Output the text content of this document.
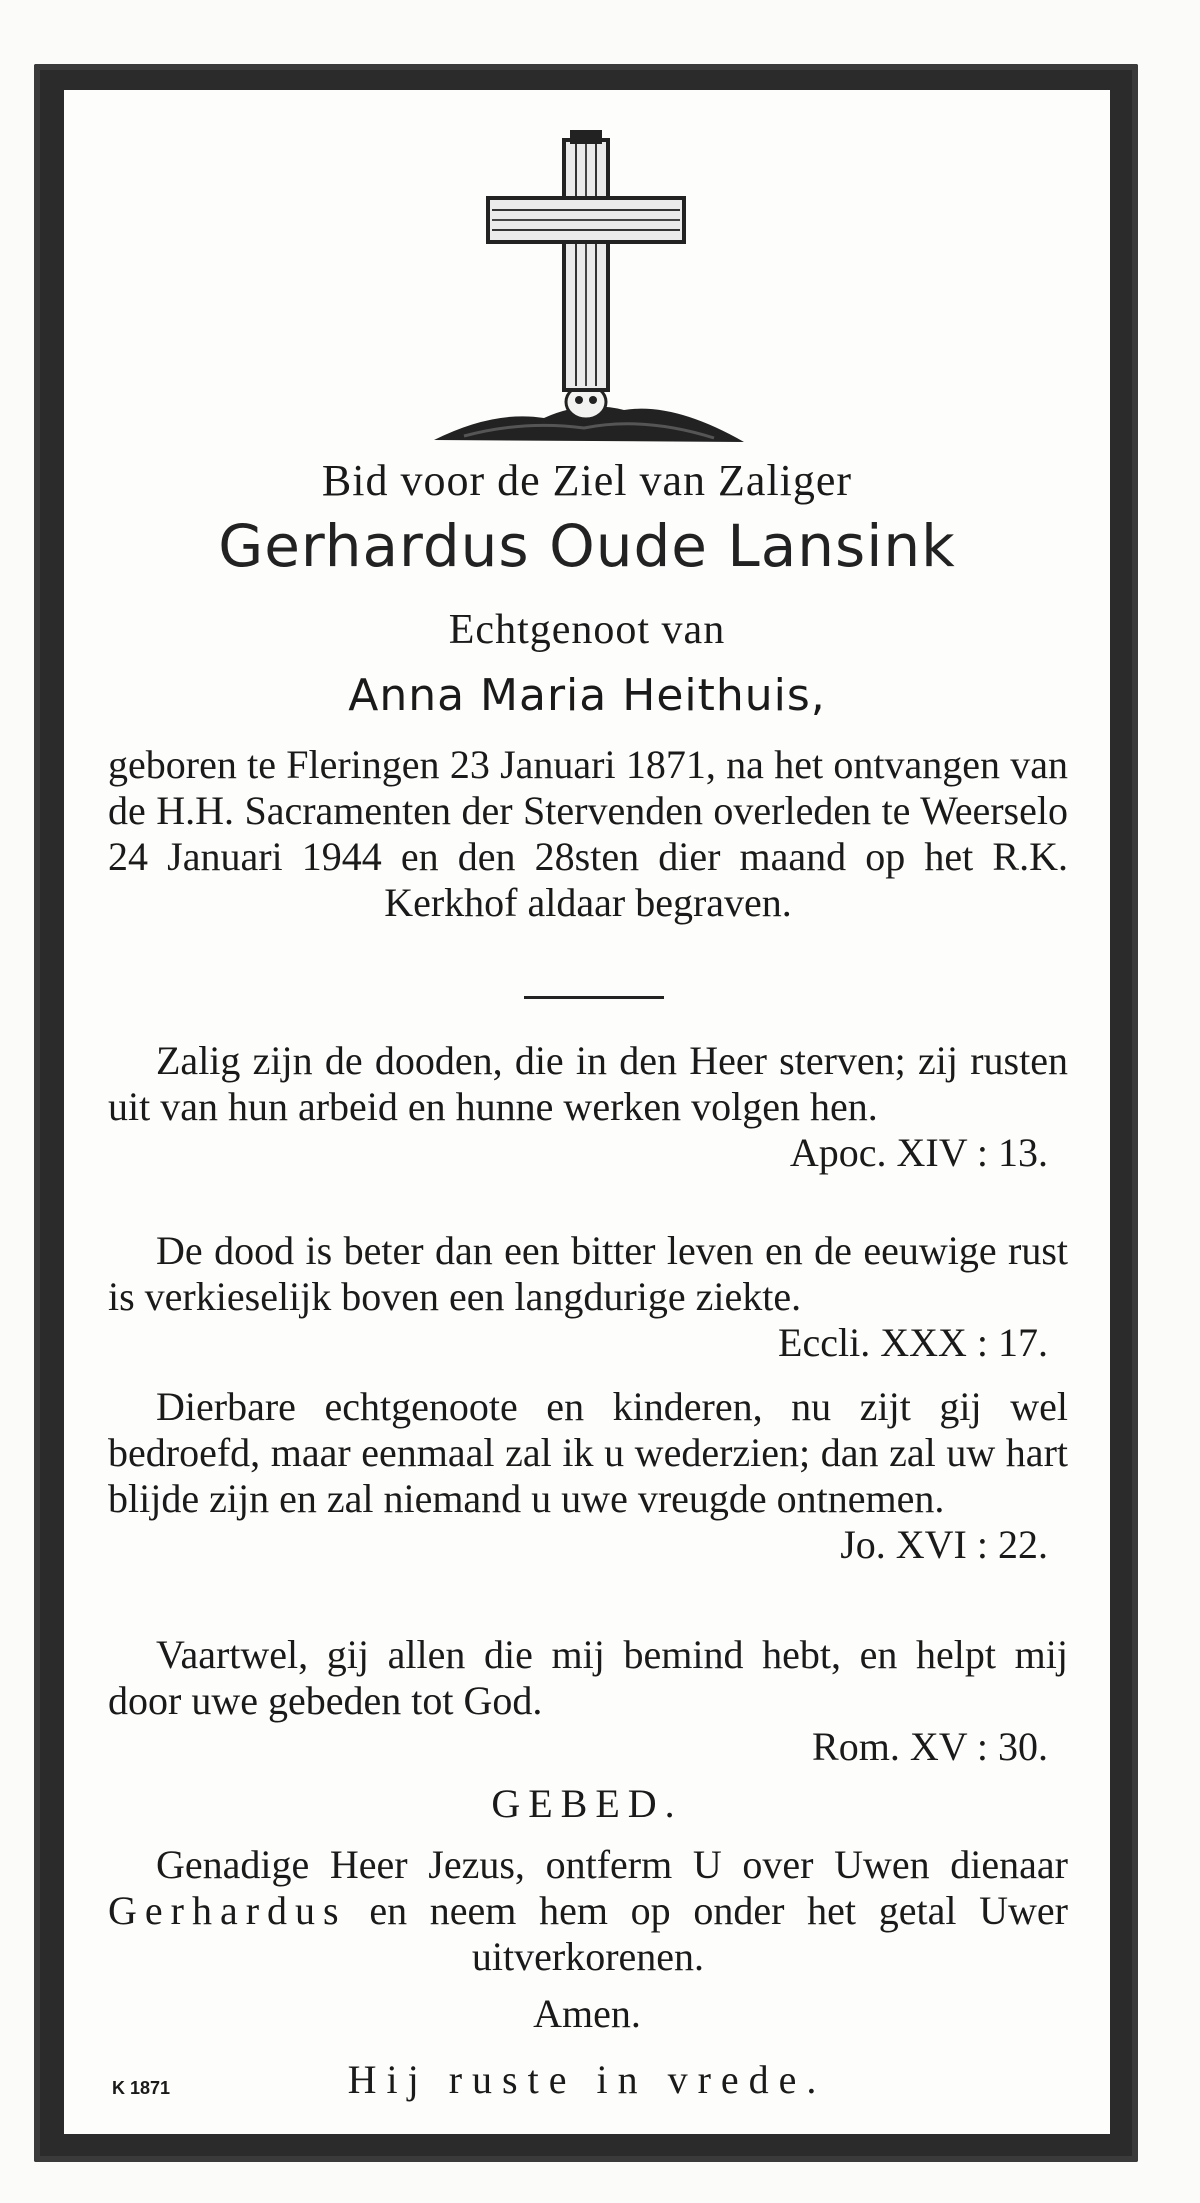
Bid voor de Ziel van Zaliger
Gerhardus Oude Lansink
Echtgenoot van
Anna Maria Heithuis,
geboren te Fleringen 23 Januari 1871, na het ontvangen van de H.H. Sacramenten der Stervenden overleden te Weerselo 24 Januari 1944 en den 28sten dier maand op het R.K. Kerkhof aldaar begraven.
Zalig zijn de dooden, die in den Heer sterven; zij rusten uit van hun arbeid en hunne werken volgen hen.
Apoc. XIV : 13.
De dood is beter dan een bitter leven en de eeuwige rust is verkieselijk boven een langdurige ziekte.
Eccli. XXX : 17.
Dierbare echtgenoote en kinderen, nu zijt gij wel bedroefd, maar eenmaal zal ik u wederzien; dan zal uw hart blijde zijn en zal niemand u uwe vreugde ontnemen.
Jo. XVI : 22.
Vaartwel, gij allen die mij bemind hebt, en helpt mij door uwe gebeden tot God.
Rom. XV : 30.
GEBED.
Genadige Heer Jezus, ontferm U over Uwen dienaar Gerhardus en neem hem op onder het getal Uwer uitverkorenen.
Amen.
K 1871	Hij ruste in vrede.
